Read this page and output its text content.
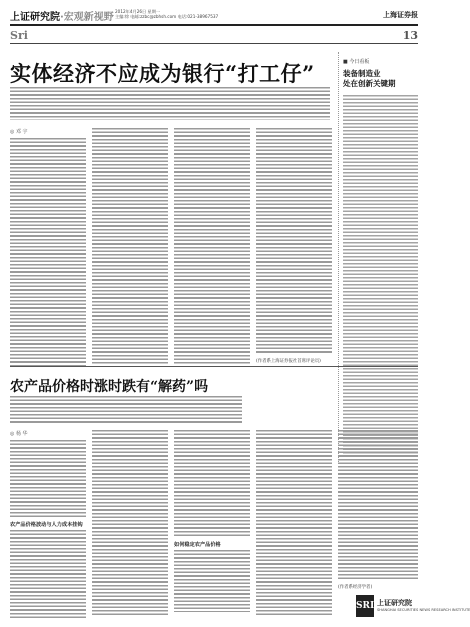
上证研究院·宏观新视野
2012年4月26日 星期一
主编:徐 电邮:zzbc@zbhsh.com 电话:021-38967537	上海证券报
Sri	13
实体经济不应成为银行“打工仔”
◎ 邓 宇
(作者系上海证券报社首席评论员)
■ 今日看板
装备制造业
处在创新关键期
农产品价格时涨时跌有“解药”吗
◎ 杨 华
农产品价格波动与人力成本挂钩
如何稳定农产品价格
(作者系经济学者)
SRI 上证研究院
SHANGHAI SECURITIES NEWS RESEARCH INSTITUTE
